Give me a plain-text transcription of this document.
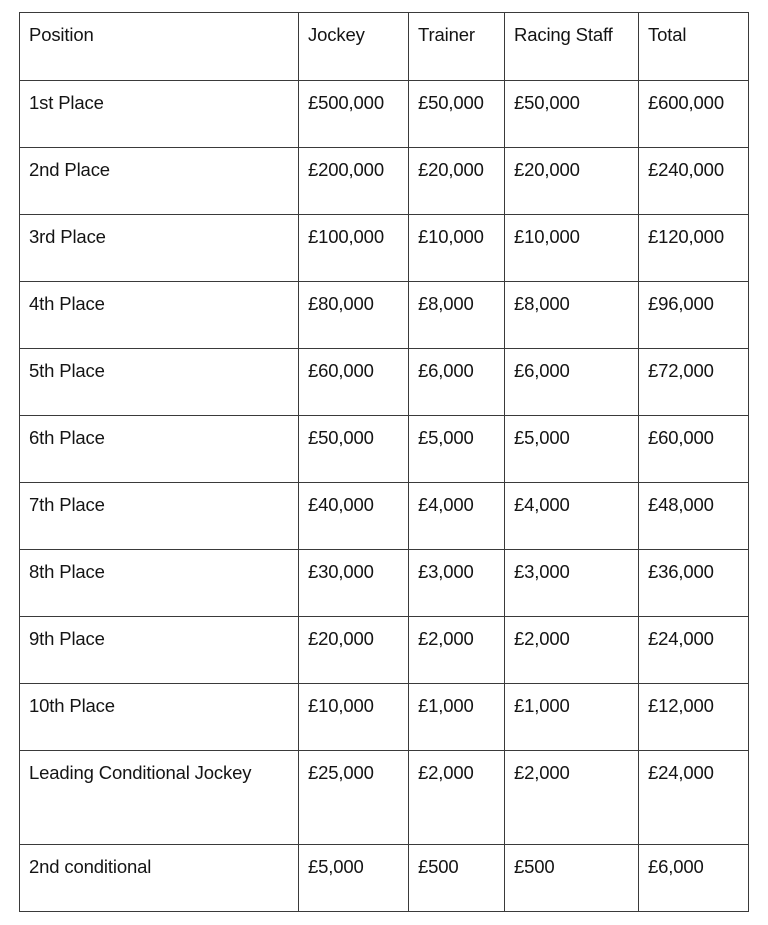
Position	Jockey	Trainer	Racing Staff	Total
1st Place	£500,000	£50,000	£50,000	£600,000
2nd Place	£200,000	£20,000	£20,000	£240,000
3rd Place	£100,000	£10,000	£10,000	£120,000
4th Place	£80,000	£8,000	£8,000	£96,000
5th Place	£60,000	£6,000	£6,000	£72,000
6th Place	£50,000	£5,000	£5,000	£60,000
7th Place	£40,000	£4,000	£4,000	£48,000
8th Place	£30,000	£3,000	£3,000	£36,000
9th Place	£20,000	£2,000	£2,000	£24,000
10th Place	£10,000	£1,000	£1,000	£12,000
Leading Conditional Jockey	£25,000	£2,000	£2,000	£24,000
2nd conditional	£5,000	£500	£500	£6,000
